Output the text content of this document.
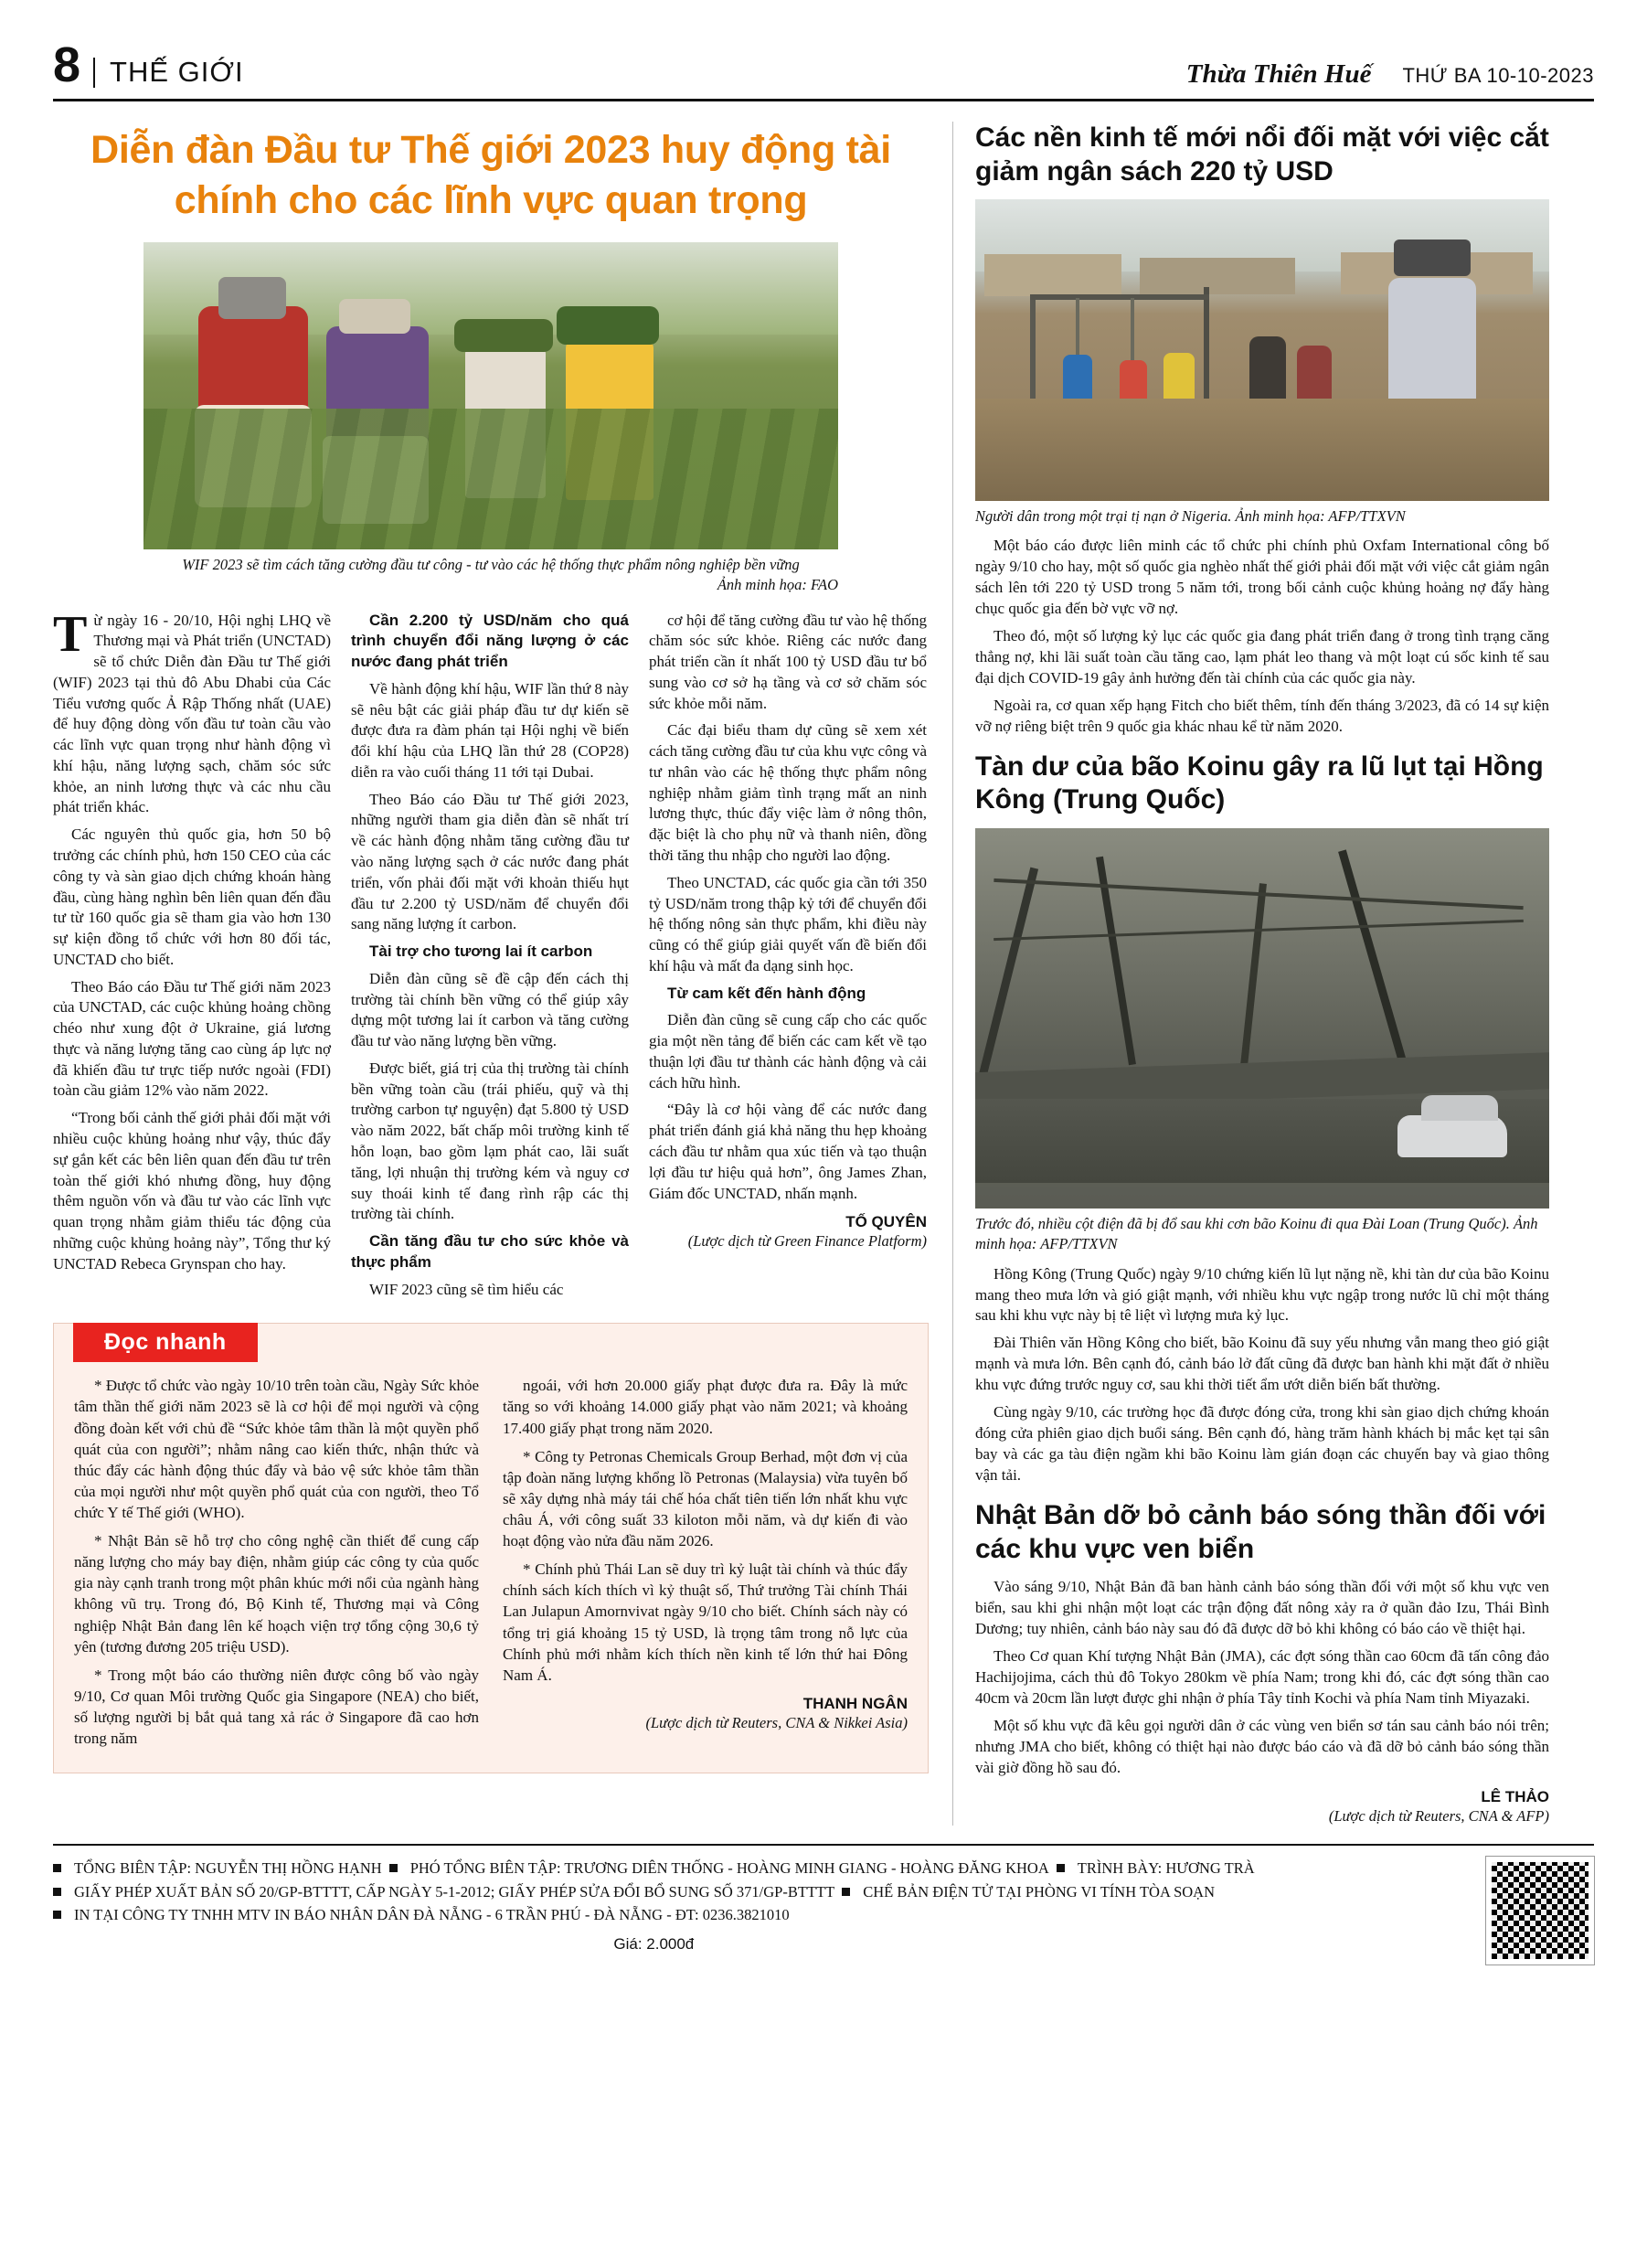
8	THẾ GIỚI	Thừa Thiên Huế THỨ BA 10-10-2023
Diễn đàn Đầu tư Thế giới 2023 huy động tài chính cho các lĩnh vực quan trọng
WIF 2023 sẽ tìm cách tăng cường đầu tư công - tư vào các hệ thống thực phẩm nông nghiệp bền vững
Ảnh minh họa: FAO

Từ ngày 16 - 20/10, Hội nghị LHQ về Thương mại và Phát triển (UNCTAD) sẽ tổ chức Diễn đàn Đầu tư Thế giới (WIF) 2023 tại thủ đô Abu Dhabi của Các Tiểu vương quốc Ả Rập Thống nhất (UAE) để huy động dòng vốn đầu tư toàn cầu vào các lĩnh vực quan trọng như hành động vì khí hậu, năng lượng sạch, chăm sóc sức khỏe, an ninh lương thực và các nhu cầu phát triển khác.

Các nguyên thủ quốc gia, hơn 50 bộ trưởng các chính phủ, hơn 150 CEO của các công ty và sàn giao dịch chứng khoán hàng đầu, cùng hàng nghìn bên liên quan đến đầu tư từ 160 quốc gia sẽ tham gia vào hơn 130 sự kiện đồng tổ chức với hơn 80 đối tác, UNCTAD cho biết.

Theo Báo cáo Đầu tư Thế giới năm 2023 của UNCTAD, các cuộc khủng hoảng chồng chéo như xung đột ở Ukraine, giá lương thực và năng lượng tăng cao cùng áp lực nợ đã khiến đầu tư trực tiếp nước ngoài (FDI) toàn cầu giảm 12% vào năm 2022.

“Trong bối cảnh thế giới phải đối mặt với nhiều cuộc khủng hoảng như vậy, thúc đẩy sự gắn kết các bên liên quan đến đầu tư trên toàn thế giới khó nhưng đồng, huy động thêm nguồn vốn và đầu tư vào các lĩnh vực quan trọng nhằm giảm thiểu tác động của những cuộc khủng hoảng này”, Tổng thư ký UNCTAD Rebeca Grynspan cho hay.

Cần 2.200 tỷ USD/năm cho quá trình chuyển đổi năng lượng ở các nước đang phát triển

Về hành động khí hậu, WIF lần thứ 8 này sẽ nêu bật các giải pháp đầu tư dự kiến sẽ được đưa ra đàm phán tại Hội nghị về biến đổi khí hậu của LHQ lần thứ 28 (COP28) diễn ra vào cuối tháng 11 tới tại Dubai.

Theo Báo cáo Đầu tư Thế giới 2023, những người tham gia diễn đàn sẽ nhất trí về các hành động nhằm tăng cường đầu tư vào năng lượng sạch ở các nước đang phát triển, vốn phải đối mặt với khoản thiếu hụt đầu tư 2.200 tỷ USD/năm để chuyển đổi sang năng lượng ít carbon.

Tài trợ cho tương lai ít carbon

Diễn đàn cũng sẽ đề cập đến cách thị trường tài chính bền vững có thể giúp xây dựng một tương lai ít carbon và tăng cường đầu tư vào năng lượng bền vững.

Được biết, giá trị của thị trường tài chính bền vững toàn cầu (trái phiếu, quỹ và thị trường carbon tự nguyện) đạt 5.800 tỷ USD vào năm 2022, bất chấp môi trường kinh tế hỗn loạn, bao gồm lạm phát cao, lãi suất tăng, lợi nhuận thị trường kém và nguy cơ suy thoái kinh tế đang rình rập các thị trường tài chính.

Cần tăng đầu tư cho sức khỏe và thực phẩm

WIF 2023 cũng sẽ tìm hiểu các

cơ hội để tăng cường đầu tư vào hệ thống chăm sóc sức khỏe. Riêng các nước đang phát triển cần ít nhất 100 tỷ USD đầu tư bổ sung vào cơ sở hạ tầng và cơ sở chăm sóc sức khỏe mỗi năm.

Các đại biểu tham dự cũng sẽ xem xét cách tăng cường đầu tư của khu vực công và tư nhân vào các hệ thống thực phẩm nông nghiệp nhằm giảm tình trạng mất an ninh lương thực, thúc đẩy việc làm ở nông thôn, đặc biệt là cho phụ nữ và thanh niên, đồng thời tăng thu nhập cho người lao động.

Theo UNCTAD, các quốc gia cần tới 350 tỷ USD/năm trong thập kỷ tới để chuyển đổi hệ thống nông sản thực phẩm, khi điều này cũng có thể giúp giải quyết vấn đề biến đổi khí hậu và mất đa dạng sinh học.

Từ cam kết đến hành động

Diễn đàn cũng sẽ cung cấp cho các quốc gia một nền tảng để biến các cam kết về tạo thuận lợi đầu tư thành các hành động và cải cách hữu hình.

“Đây là cơ hội vàng để các nước đang phát triển đánh giá khả năng thu hẹp khoảng cách đầu tư nhằm qua xúc tiến và tạo thuận lợi đầu tư hiệu quả hơn”, ông James Zhan, Giám đốc UNCTAD, nhấn mạnh.

TỐ QUYÊN
(Lược dịch từ Green Finance Platform)
Đọc nhanh

* Được tổ chức vào ngày 10/10 trên toàn cầu, Ngày Sức khỏe tâm thần thế giới năm 2023 sẽ là cơ hội để mọi người và cộng đồng đoàn kết với chủ đề “Sức khỏe tâm thần là một quyền phổ quát của con người”; nhằm nâng cao kiến thức, nhận thức và thúc đẩy các hành động thúc đẩy và bảo vệ sức khỏe tâm thần của mọi người như một quyền phổ quát của con người, theo Tổ chức Y tế Thế giới (WHO).

* Nhật Bản sẽ hỗ trợ cho công nghệ cần thiết để cung cấp năng lượng cho máy bay điện, nhằm giúp các công ty của quốc gia này cạnh tranh trong một phân khúc mới nổi của ngành hàng không vũ trụ. Trong đó, Bộ Kinh tế, Thương mại và Công nghiệp Nhật Bản đang lên kế hoạch viện trợ tổng cộng 30,6 tỷ yên (tương đương 205 triệu USD).

* Trong một báo cáo thường niên được công bố vào ngày 9/10, Cơ quan Môi trường Quốc gia Singapore (NEA) cho biết, số lượng người bị bắt quả tang xả rác ở Singapore đã cao hơn trong năm

ngoái, với hơn 20.000 giấy phạt được đưa ra. Đây là mức tăng so với khoảng 14.000 giấy phạt vào năm 2021; và khoảng 17.400 giấy phạt trong năm 2020.

* Công ty Petronas Chemicals Group Berhad, một đơn vị của tập đoàn năng lượng khổng lồ Petronas (Malaysia) vừa tuyên bố sẽ xây dựng nhà máy tái chế hóa chất tiên tiến lớn nhất khu vực châu Á, với công suất 33 kiloton mỗi năm, và dự kiến đi vào hoạt động vào nửa đầu năm 2026.

* Chính phủ Thái Lan sẽ duy trì kỷ luật tài chính và thúc đẩy chính sách kích thích vì kỷ thuật số, Thứ trưởng Tài chính Thái Lan Julapun Amornvivat ngày 9/10 cho biết. Chính sách này có tổng trị giá khoảng 15 tỷ USD, là trọng tâm trong nỗ lực của Chính phủ mới nhằm kích thích nền kinh tế lớn thứ hai Đông Nam Á.

THANH NGÂN
(Lược dịch từ Reuters, CNA & Nikkei Asia)
Các nền kinh tế mới nổi đối mặt với việc cắt giảm ngân sách 220 tỷ USD
Người dân trong một trại tị nạn ở Nigeria. Ảnh minh họa: AFP/TTXVN

Một báo cáo được liên minh các tổ chức phi chính phủ Oxfam International công bố ngày 9/10 cho hay, một số quốc gia nghèo nhất thế giới phải đối mặt với việc cắt giảm ngân sách lên tới 220 tỷ USD trong 5 năm tới, trong bối cảnh cuộc khủng hoảng nợ đẩy hàng chục quốc gia đến bờ vực vỡ nợ.

Theo đó, một số lượng kỷ lục các quốc gia đang phát triển đang ở trong tình trạng căng thẳng nợ, khi lãi suất toàn cầu tăng cao, lạm phát leo thang và một loạt cú sốc kinh tế sau đại dịch COVID-19 gây ảnh hưởng đến tài chính của các quốc gia này.

Ngoài ra, cơ quan xếp hạng Fitch cho biết thêm, tính đến tháng 3/2023, đã có 14 sự kiện vỡ nợ riêng biệt trên 9 quốc gia khác nhau kể từ năm 2020.

Tàn dư của bão Koinu gây ra lũ lụt tại Hồng Kông (Trung Quốc)
Trước đó, nhiều cột điện đã bị đổ sau khi cơn bão Koinu đi qua Đài Loan (Trung Quốc). Ảnh minh họa: AFP/TTXVN

Hồng Kông (Trung Quốc) ngày 9/10 chứng kiến lũ lụt nặng nề, khi tàn dư của bão Koinu mang theo mưa lớn và gió giật mạnh, với nhiều khu vực ngập trong nước lũ chỉ một tháng sau khi khu vực này bị tê liệt vì lượng mưa kỷ lục.

Đài Thiên văn Hồng Kông cho biết, bão Koinu đã suy yếu nhưng vẫn mang theo gió giật mạnh và mưa lớn. Bên cạnh đó, cảnh báo lở đất cũng đã được ban hành khi mặt đất ở nhiều khu vực đứng trước nguy cơ, sau khi thời tiết ẩm ướt diễn biến bất thường.

Cùng ngày 9/10, các trường học đã được đóng cửa, trong khi sàn giao dịch chứng khoán đóng cửa phiên giao dịch buổi sáng. Bên cạnh đó, hàng trăm hành khách bị mắc kẹt tại sân bay và các ga tàu điện ngầm khi bão Koinu làm gián đoạn các chuyến bay và giao thông vận tải.

Nhật Bản dỡ bỏ cảnh báo sóng thần đối với các khu vực ven biển

Vào sáng 9/10, Nhật Bản đã ban hành cảnh báo sóng thần đối với một số khu vực ven biển, sau khi ghi nhận một loạt các trận động đất nông xảy ra ở quần đảo Izu, Thái Bình Dương; tuy nhiên, cảnh báo này sau đó đã được dỡ bỏ khi không có báo cáo về thiệt hại.

Theo Cơ quan Khí tượng Nhật Bản (JMA), các đợt sóng thần cao 60cm đã tấn công đảo Hachijojima, cách thủ đô Tokyo 280km về phía Nam; trong khi đó, các đợt sóng thần cao 40cm và 20cm lần lượt được ghi nhận ở phía Tây tỉnh Kochi và phía Nam tỉnh Miyazaki.

Một số khu vực đã kêu gọi người dân ở các vùng ven biển sơ tán sau cảnh báo nói trên; nhưng JMA cho biết, không có thiệt hại nào được báo cáo và đã dỡ bỏ cảnh báo sóng thần vài giờ đồng hồ sau đó.

LÊ THẢO
(Lược dịch từ Reuters, CNA & AFP)
TỔNG BIÊN TẬP: NGUYỄN THỊ HỒNG HẠNH PHÓ TỔNG BIÊN TẬP: TRƯƠNG DIÊN THỐNG - HOÀNG MINH GIANG - HOÀNG ĐĂNG KHOA TRÌNH BÀY: HƯƠNG TRÀ
GIẤY PHÉP XUẤT BẢN SỐ 20/GP-BTTTT, CẤP NGÀY 5-1-2012; GIẤY PHÉP SỬA ĐỔI BỔ SUNG SỐ 371/GP-BTTTT CHẾ BẢN ĐIỆN TỬ TẠI PHÒNG VI TÍNH TÒA SOẠN
IN TẠI CÔNG TY TNHH MTV IN BÁO NHÂN DÂN ĐÀ NẴNG - 6 TRẦN PHÚ - ĐÀ NẴNG - ĐT: 0236.3821010
Giá: 2.000đ
